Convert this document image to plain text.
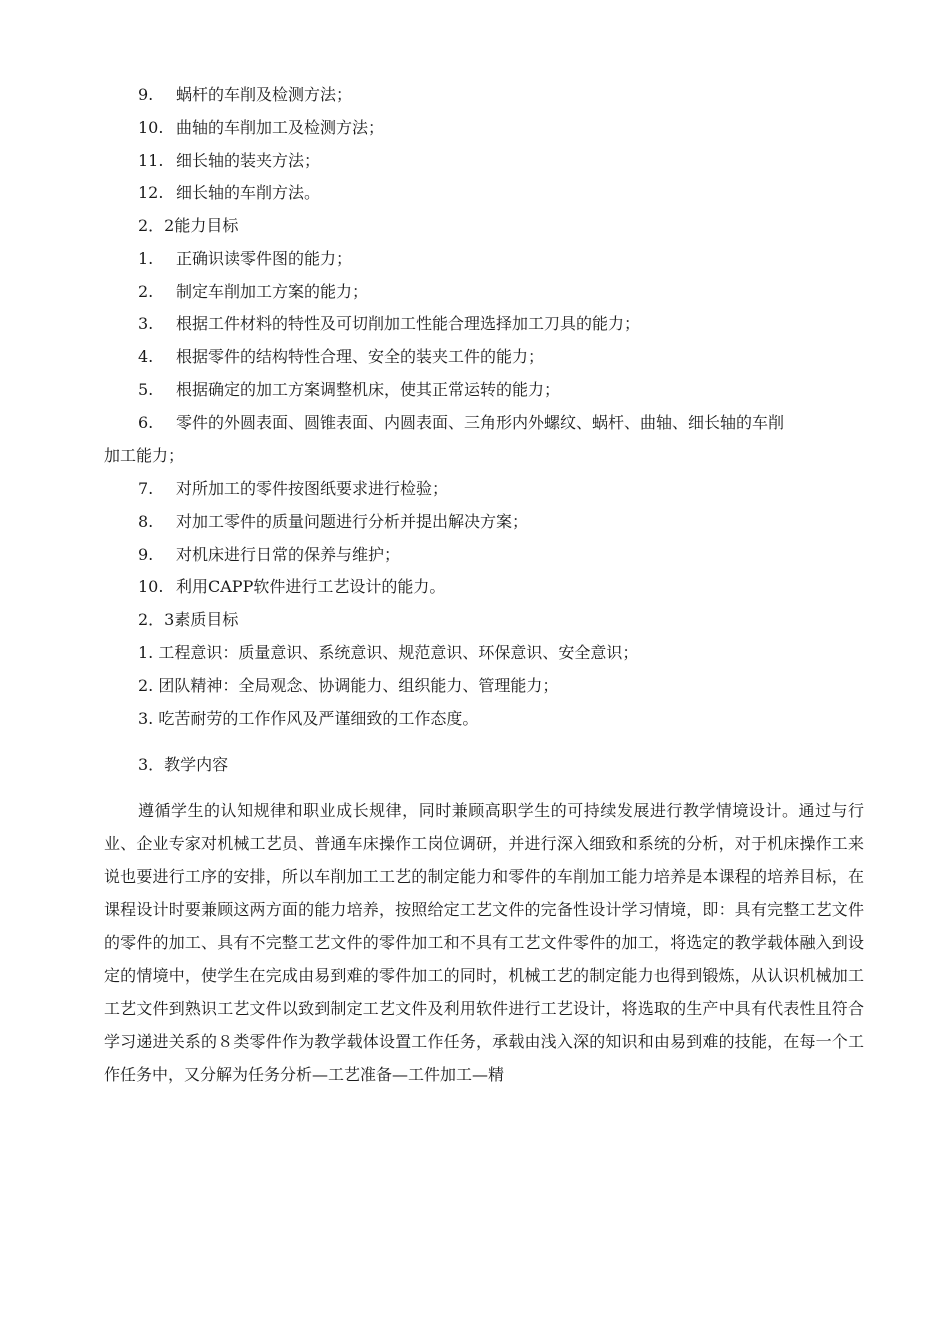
9. 蜗杆的车削及检测方法；
10. 曲轴的车削加工及检测方法；
11. 细长轴的装夹方法；
12. 细长轴的车削方法。
2．2能力目标
1. 正确识读零件图的能力；
2. 制定车削加工方案的能力；
3. 根据工件材料的特性及可切削加工性能合理选择加工刀具的能力；
4. 根据零件的结构特性合理、安全的装夹工件的能力；
5. 根据确定的加工方案调整机床，使其正常运转的能力；
6. 零件的外圆表面、圆锥表面、内圆表面、三角形内外螺纹、蜗杆、曲轴、细长轴的车削
加工能力；
7. 对所加工的零件按图纸要求进行检验；
8. 对加工零件的质量问题进行分析并提出解决方案；
9. 对机床进行日常的保养与维护；
10. 利用CAPP软件进行工艺设计的能力。
2．3素质目标
1. 工程意识：质量意识、系统意识、规范意识、环保意识、安全意识；
2. 团队精神：全局观念、协调能力、组织能力、管理能力；
3. 吃苦耐劳的工作作风及严谨细致的工作态度。
3．教学内容
遵循学生的认知规律和职业成长规律，同时兼顾高职学生的可持续发展进行教学情境设计。通过与行业、企业专家对机械工艺员、普通车床操作工岗位调研，并进行深入细致和系统的分析，对于机床操作工来说也要进行工序的安排，所以车削加工工艺的制定能力和零件的车削加工能力培养是本课程的培养目标，在课程设计时要兼顾这两方面的能力培养，按照给定工艺文件的完备性设计学习情境，即：具有完整工艺文件的零件的加工、具有不完整工艺文件的零件加工和不具有工艺文件零件的加工，将选定的教学载体融入到设定的情境中，使学生在完成由易到难的零件加工的同时，机械工艺的制定能力也得到锻炼，从认识机械加工工艺文件到熟识工艺文件以致到制定工艺文件及利用软件进行工艺设计，将选取的生产中具有代表性且符合学习递进关系的８类零件作为教学载体设置工作任务，承载由浅入深的知识和由易到难的技能，在每一个工作任务中，又分解为任务分析—工艺准备—工件加工—精
